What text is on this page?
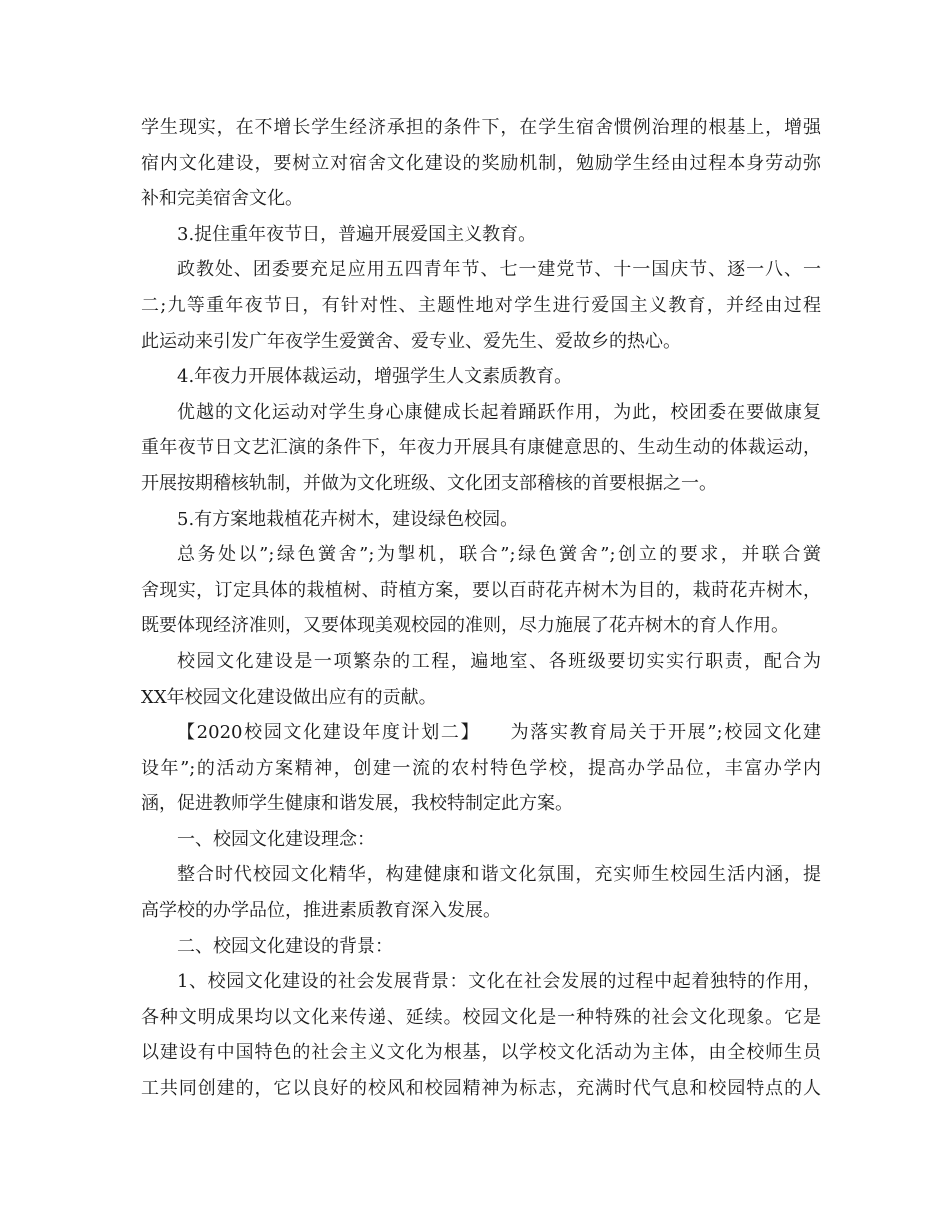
学生现实，在不增长学生经济承担的条件下，在学生宿舍惯例治理的根基上，增强
宿内文化建设，要树立对宿舍文化建设的奖励机制，勉励学生经由过程本身劳动弥
补和完美宿舍文化。
3.捉住重年夜节日，普遍开展爱国主义教育。
政教处、团委要充足应用五四青年节、七一建党节、十一国庆节、逐一八、一
二;九等重年夜节日，有针对性、主题性地对学生进行爱国主义教育，并经由过程
此运动来引发广年夜学生爱黉舍、爱专业、爱先生、爱故乡的热心。
4.年夜力开展体裁运动，增强学生人文素质教育。
优越的文化运动对学生身心康健成长起着踊跃作用，为此，校团委在要做康复
重年夜节日文艺汇演的条件下，年夜力开展具有康健意思的、生动生动的体裁运动，
开展按期稽核轨制，并做为文化班级、文化团支部稽核的首要根据之一。
5.有方案地栽植花卉树木，建设绿色校园。
总务处以”;绿色黉舍”;为掣机，联合”;绿色黉舍”;创立的要求，并联合黉
舍现实，订定具体的栽植树、莳植方案，要以百莳花卉树木为目的，栽莳花卉树木，
既要体现经济准则，又要体现美观校园的准则，尽力施展了花卉树木的育人作用。
校园文化建设是一项繁杂的工程，遍地室、各班级要切实实行职责，配合为
XX年校园文化建设做出应有的贡献。
【2020校园文化建设年度计划二】　　为落实教育局关于开展”;校园文化建
设年”;的活动方案精神，创建一流的农村特色学校，提高办学品位，丰富办学内
涵，促进教师学生健康和谐发展，我校特制定此方案。
一、校园文化建设理念：
整合时代校园文化精华，构建健康和谐文化氛围，充实师生校园生活内涵，提
高学校的办学品位，推进素质教育深入发展。
二、校园文化建设的背景：
1、校园文化建设的社会发展背景：文化在社会发展的过程中起着独特的作用，
各种文明成果均以文化来传递、延续。校园文化是一种特殊的社会文化现象。它是
以建设有中国特色的社会主义文化为根基，以学校文化活动为主体，由全校师生员
工共同创建的，它以良好的校风和校园精神为标志，充满时代气息和校园特点的人
